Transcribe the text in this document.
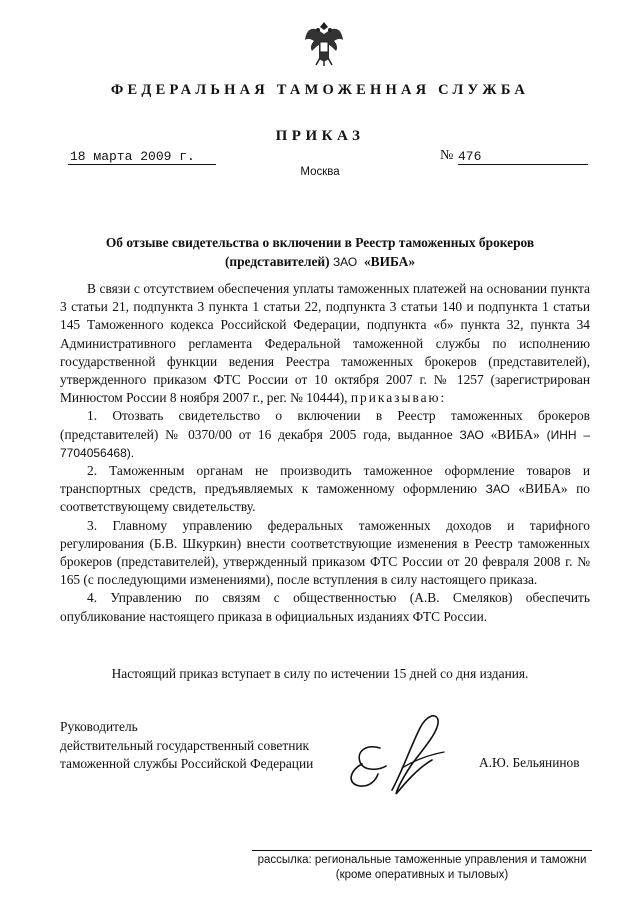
ФЕДЕРАЛЬНАЯ ТАМОЖЕННАЯ СЛУЖБА
ПРИКАЗ
18 марта 2009 г.	№ 476
Москва
Об отзыве свидетельства о включении в Реестр таможенных брокеров
(представителей) ЗАО «ВИБА»

В связи с отсутствием обеспечения уплаты таможенных платежей на основании пункта 3 статьи 21, подпункта 3 пункта 1 статьи 22, подпункта 3 статьи 140 и подпункта 1 статьи 145 Таможенного кодекса Российской Федерации, подпункта «б» пункта 32, пункта 34 Административного регламента Федеральной таможенной службы по исполнению государственной функции ведения Реестра таможенных брокеров (представителей), утвержденного приказом ФТС России от 10 октября 2007 г. № 1257 (зарегистрирован Минюстом России 8 ноября 2007 г., рег. № 10444), приказываю:

1. Отозвать свидетельство о включении в Реестр таможенных брокеров (представителей) № 0370/00 от 16 декабря 2005 года, выданное ЗАО «ВИБА» (ИНН – 7704056468).

2. Таможенным органам не производить таможенное оформление товаров и транспортных средств, предъявляемых к таможенному оформлению ЗАО «ВИБА» по соответствующему свидетельству.

3. Главному управлению федеральных таможенных доходов и тарифного регулирования (Б.В. Шкуркин) внести соответствующие изменения в Реестр таможенных брокеров (представителей), утвержденный приказом ФТС России от 20 февраля 2008 г. № 165 (с последующими изменениями), после вступления в силу настоящего приказа.

4. Управлению по связям с общественностью (А.В. Смеляков) обеспечить опубликование настоящего приказа в официальных изданиях ФТС России.

Настоящий приказ вступает в силу по истечении 15 дней со дня издания.
Руководитель
действительный государственный советник
таможенной службы Российской Федерации	А.Ю. Бельянинов
рассылка: региональные таможенные управления и таможни
(кроме оперативных и тыловых)
